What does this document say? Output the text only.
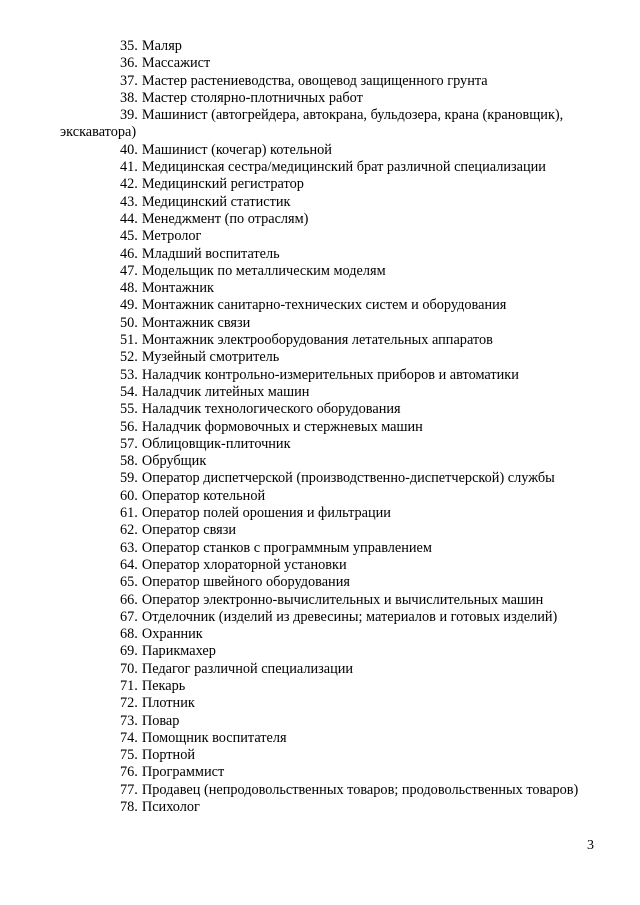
35. Маляр
36. Массажист
37. Мастер растениеводства, овощевод защищенного грунта
38. Мастер столярно-плотничных работ
39. Машинист (автогрейдера, автокрана, бульдозера, крана (крановщик), экскаватора)
40. Машинист (кочегар) котельной
41. Медицинская сестра/медицинский брат различной специализации
42. Медицинский регистратор
43. Медицинский статистик
44. Менеджмент (по отраслям)
45. Метролог
46. Младший воспитатель
47. Модельщик по металлическим моделям
48. Монтажник
49. Монтажник санитарно-технических систем и оборудования
50. Монтажник связи
51. Монтажник электрооборудования летательных аппаратов
52. Музейный смотритель
53. Наладчик контрольно-измерительных приборов и автоматики
54. Наладчик литейных машин
55. Наладчик технологического оборудования
56. Наладчик формовочных и стержневых машин
57. Облицовщик-плиточник
58. Обрубщик
59. Оператор диспетчерской (производственно-диспетчерской) службы
60. Оператор котельной
61. Оператор полей орошения и фильтрации
62. Оператор связи
63. Оператор станков с программным управлением
64. Оператор хлораторной установки
65. Оператор швейного оборудования
66. Оператор электронно-вычислительных и вычислительных машин
67. Отделочник (изделий из древесины; материалов и готовых изделий)
68. Охранник
69. Парикмахер
70. Педагог различной специализации
71. Пекарь
72. Плотник
73. Повар
74. Помощник воспитателя
75. Портной
76. Программист
77. Продавец (непродовольственных товаров; продовольственных товаров)
78. Психолог
3
